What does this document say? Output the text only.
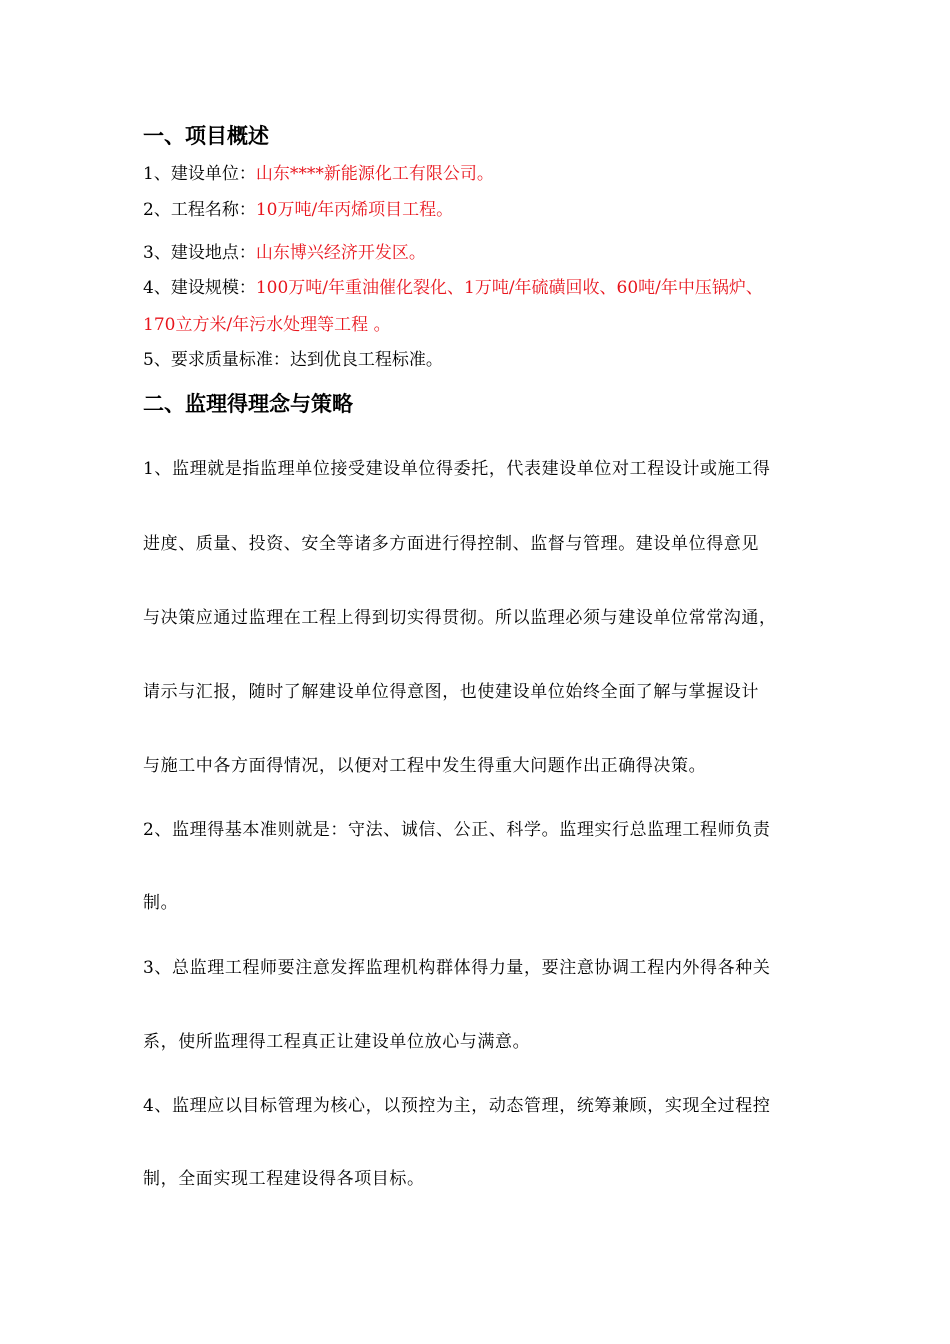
一、项目概述
1、建设单位：山东****新能源化工有限公司。
2、工程名称：10万吨/年丙烯项目工程。
3、建设地点：山东博兴经济开发区。
4、建设规模：100万吨/年重油催化裂化、1万吨/年硫磺回收、60吨/年中压锅炉、
170立方米/年污水处理等工程 。
5、要求质量标准：达到优良工程标准。
二、监理得理念与策略
1、监理就是指监理单位接受建设单位得委托，代表建设单位对工程设计或施工得
进度、质量、投资、安全等诸多方面进行得控制、监督与管理。建设单位得意见
与决策应通过监理在工程上得到切实得贯彻。所以监理必须与建设单位常常沟通，
请示与汇报，随时了解建设单位得意图，也使建设单位始终全面了解与掌握设计
与施工中各方面得情况，以便对工程中发生得重大问题作出正确得决策。
2、监理得基本准则就是：守法、诚信、公正、科学。监理实行总监理工程师负责
制。
3、总监理工程师要注意发挥监理机构群体得力量，要注意协调工程内外得各种关
系，使所监理得工程真正让建设单位放心与满意。
4、监理应以目标管理为核心，以预控为主，动态管理，统筹兼顾，实现全过程控
制，全面实现工程建设得各项目标。
